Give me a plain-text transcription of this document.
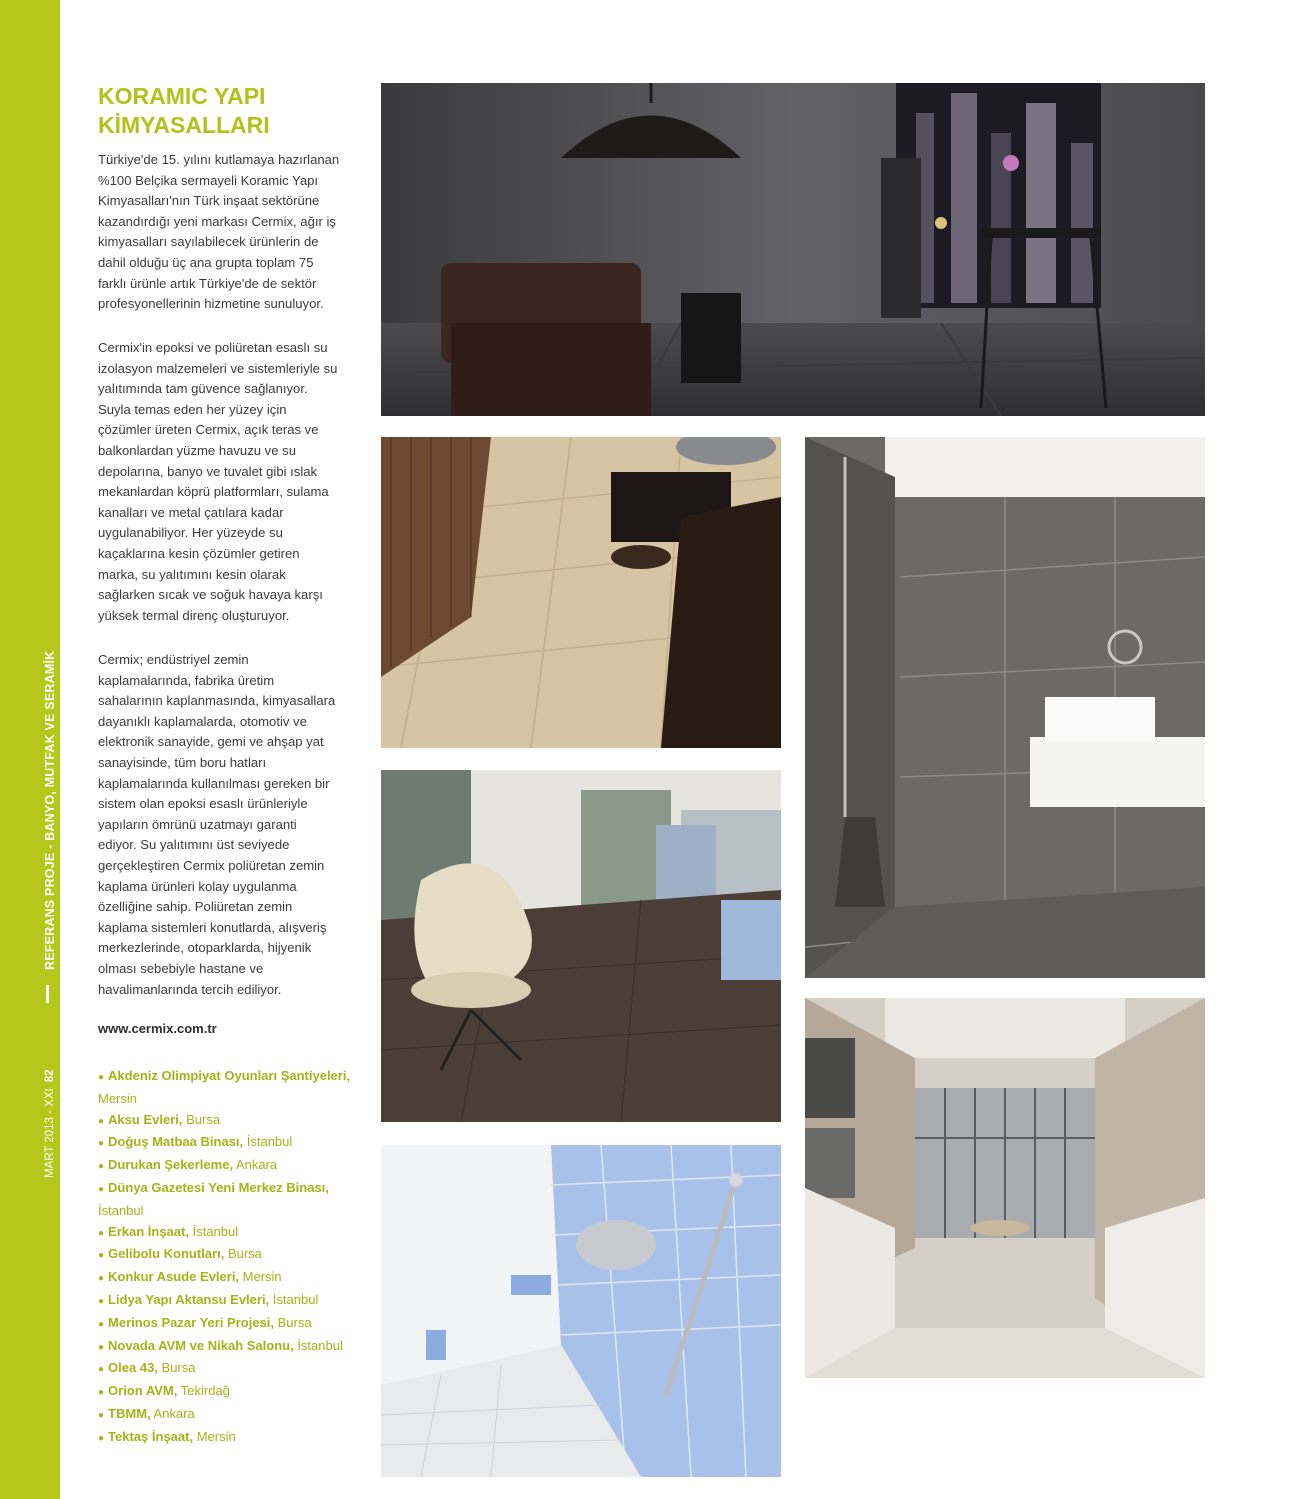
REFERANS PROJE - BANYO, MUTFAK VE SERAMİK
MART 2013 - XXI82
KORAMIC YAPI
KİMYASALLARI

Türkiye'de 15. yılını kutlamaya hazırlanan
%100 Belçika sermayeli Koramic Yapı
Kimyasalları'nın Türk inşaat sektörüne
kazandırdığı yeni markası Cermix, ağır iş
kimyasalları sayılabilecek ürünlerin de
dahil olduğu üç ana grupta toplam 75
farklı ürünle artık Türkiye'de de sektör
profesyonellerinin hizmetine sunuluyor.

Cermix'in epoksi ve poliüretan esaslı su
izolasyon malzemeleri ve sistemleriyle su
yalıtımında tam güvence sağlanıyor.
Suyla temas eden her yüzey için
çözümler üreten Cermix, açık teras ve
balkonlardan yüzme havuzu ve su
depolarına, banyo ve tuvalet gibi ıslak
mekanlardan köprü platformları, sulama
kanalları ve metal çatılara kadar
uygulanabiliyor. Her yüzeyde su
kaçaklarına kesin çözümler getiren
marka, su yalıtımını kesin olarak
sağlarken sıcak ve soğuk havaya karşı
yüksek termal direnç oluşturuyor.

Cermix; endüstriyel zemin
kaplamalarında, fabrika üretim
sahalarının kaplanmasında, kimyasallara
dayanıklı kaplamalarda, otomotiv ve
elektronik sanayide, gemi ve ahşap yat
sanayisinde, tüm boru hatları
kaplamalarında kullanılması gereken bir
sistem olan epoksi esaslı ürünleriyle
yapıların ömrünü uzatmayı garanti
ediyor. Su yalıtımını üst seviyede
gerçekleştiren Cermix poliüretan zemin
kaplama ürünleri kolay uygulanma
özelliğine sahip. Poliüretan zemin
kaplama sistemleri konutlarda, alışveriş
merkezlerinde, otoparklarda, hijyenik
olması sebebiyle hastane ve
havalimanlarında tercih ediliyor.

www.cermix.com.tr
● Akdeniz Olimpiyat Oyunları Şantiyeleri,
Mersin
● Aksu Evleri, Bursa
● Doğuş Matbaa Binası, İstanbul
● Durukan Şekerleme, Ankara
● Dünya Gazetesi Yeni Merkez Binası,
İstanbul
● Erkan İnşaat, İstanbul
● Gelibolu Konutları, Bursa
● Konkur Asude Evleri, Mersin
● Lidya Yapı Aktansu Evleri, İstanbul
● Merinos Pazar Yeri Projesi, Bursa
● Novada AVM ve Nikah Salonu, İstanbul
● Olea 43, Bursa
● Orion AVM, Tekirdağ
● TBMM, Ankara
● Tektaş İnşaat, Mersin
